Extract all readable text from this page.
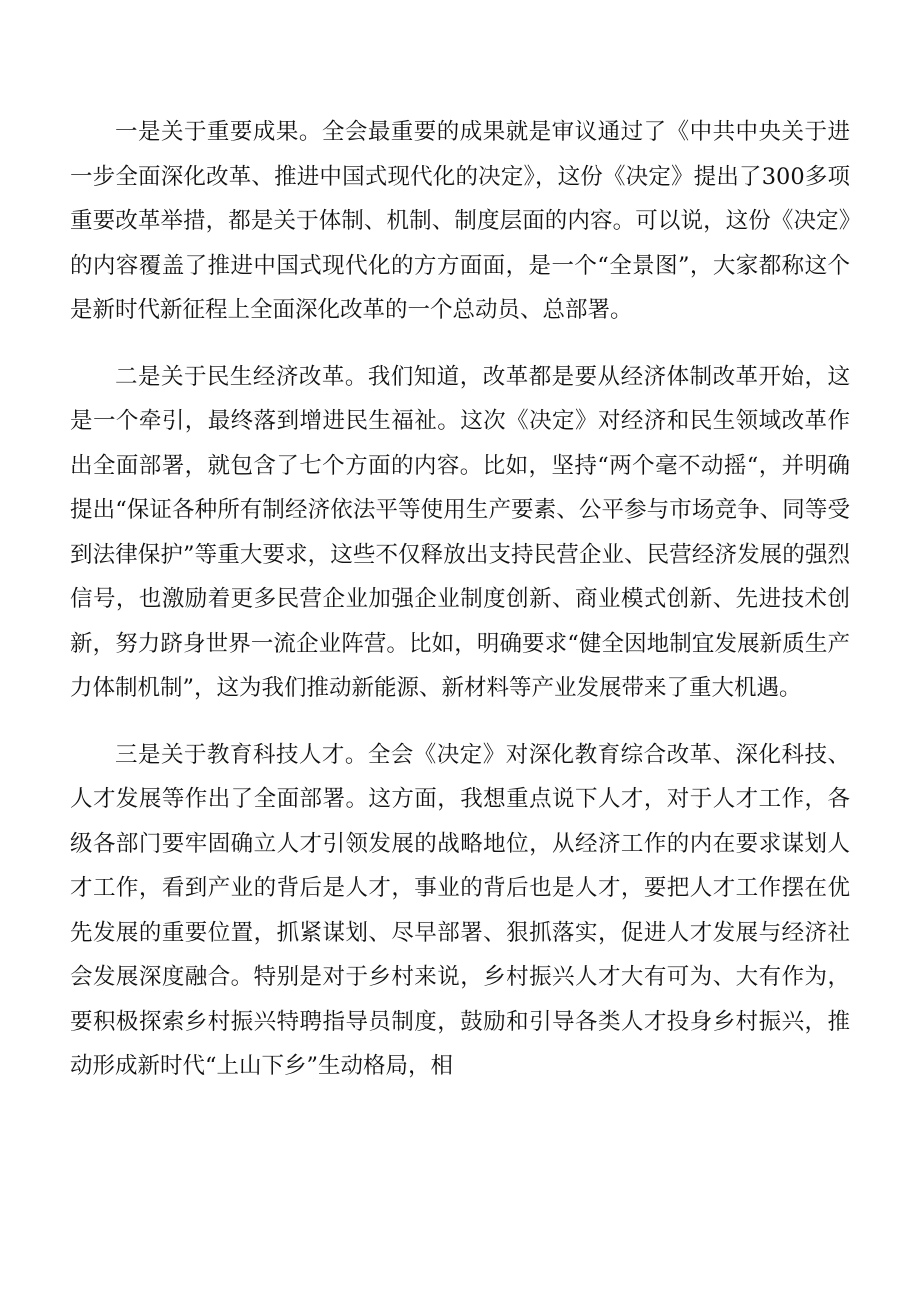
一是关于重要成果。全会最重要的成果就是审议通过了《中共中央关于进一步全面深化改革、推进中国式现代化的决定》，这份《决定》提出了300多项重要改革举措，都是关于体制、机制、制度层面的内容。可以说，这份《决定》的内容覆盖了推进中国式现代化的方方面面，是一个“全景图”，大家都称这个是新时代新征程上全面深化改革的一个总动员、总部署。

二是关于民生经济改革。我们知道，改革都是要从经济体制改革开始，这是一个牵引，最终落到增进民生福祉。这次《决定》对经济和民生领域改革作出全面部署，就包含了七个方面的内容。比如，坚持“两个毫不动摇“，并明确提出“保证各种所有制经济依法平等使用生产要素、公平参与市场竞争、同等受到法律保护”等重大要求，这些不仅释放出支持民营企业、民营经济发展的强烈信号，也激励着更多民营企业加强企业制度创新、商业模式创新、先进技术创新，努力跻身世界一流企业阵营。比如，明确要求“健全因地制宜发展新质生产力体制机制”，这为我们推动新能源、新材料等产业发展带来了重大机遇。

三是关于教育科技人才。全会《决定》对深化教育综合改革、深化科技、人才发展等作出了全面部署。这方面，我想重点说下人才，对于人才工作，各级各部门要牢固确立人才引领发展的战略地位，从经济工作的内在要求谋划人才工作，看到产业的背后是人才，事业的背后也是人才，要把人才工作摆在优先发展的重要位置，抓紧谋划、尽早部署、狠抓落实，促进人才发展与经济社会发展深度融合。特别是对于乡村来说，乡村振兴人才大有可为、大有作为，要积极探索乡村振兴特聘指导员制度，鼓励和引导各类人才投身乡村振兴，推动形成新时代“上山下乡”生动格局，相
